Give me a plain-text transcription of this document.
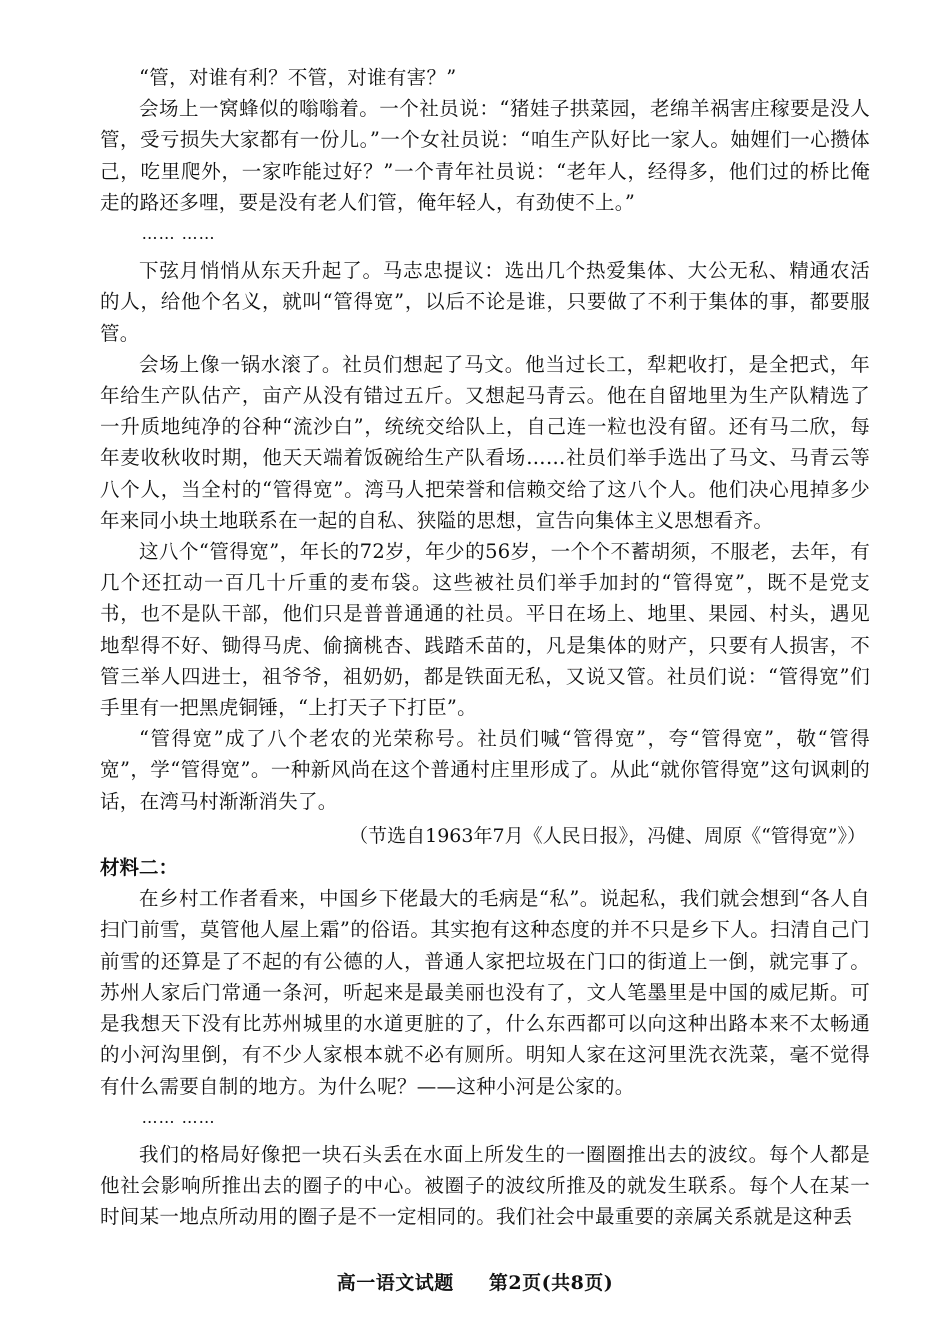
“管，对谁有利？不管，对谁有害？”

会场上一窝蜂似的嗡嗡着。一个社员说：“猪娃子拱菜园，老绵羊祸害庄稼要是没人管，受亏损失大家都有一份儿。”一个女社员说：“咱生产队好比一家人。妯娌们一心攒体己，吃里爬外，一家咋能过好？”一个青年社员说：“老年人，经得多，他们过的桥比俺走的路还多哩，要是没有老人们管，俺年轻人，有劲使不上。”

…… ……

下弦月悄悄从东天升起了。马志忠提议：选出几个热爱集体、大公无私、精通农活的人，给他个名义，就叫“管得宽”，以后不论是谁，只要做了不利于集体的事，都要服管。

会场上像一锅水滚了。社员们想起了马文。他当过长工，犁耙收打，是全把式，年年给生产队估产，亩产从没有错过五斤。又想起马青云。他在自留地里为生产队精选了一升质地纯净的谷种“流沙白”，统统交给队上，自己连一粒也没有留。还有马二欣，每年麦收秋收时期，他天天端着饭碗给生产队看场……社员们举手选出了马文、马青云等八个人，当全村的“管得宽”。湾马人把荣誉和信赖交给了这八个人。他们决心甩掉多少年来同小块土地联系在一起的自私、狭隘的思想，宣告向集体主义思想看齐。

这八个“管得宽”，年长的72岁，年少的56岁，一个个不蓄胡须，不服老，去年，有几个还扛动一百几十斤重的麦布袋。这些被社员们举手加封的“管得宽”，既不是党支书，也不是队干部，他们只是普普通通的社员。平日在场上、地里、果园、村头，遇见地犁得不好、锄得马虎、偷摘桃杏、践踏禾苗的，凡是集体的财产，只要有人损害，不管三举人四进士，祖爷爷，祖奶奶，都是铁面无私，又说又管。社员们说：“管得宽”们手里有一把黑虎铜锤，“上打天子下打臣”。

“管得宽”成了八个老农的光荣称号。社员们喊“管得宽”，夸“管得宽”，敬“管得宽”，学“管得宽”。一种新风尚在这个普通村庄里形成了。从此“就你管得宽”这句讽刺的话，在湾马村渐渐消失了。

（节选自1963年7月《人民日报》，冯健、周原《“管得宽”》）

材料二：

在乡村工作者看来，中国乡下佬最大的毛病是“私”。说起私，我们就会想到“各人自扫门前雪，莫管他人屋上霜”的俗语。其实抱有这种态度的并不只是乡下人。扫清自己门前雪的还算是了不起的有公德的人，普通人家把垃圾在门口的街道上一倒，就完事了。苏州人家后门常通一条河，听起来是最美丽也没有了，文人笔墨里是中国的威尼斯。可是我想天下没有比苏州城里的水道更脏的了，什么东西都可以向这种出路本来不太畅通的小河沟里倒，有不少人家根本就不必有厕所。明知人家在这河里洗衣洗菜，毫不觉得有什么需要自制的地方。为什么呢？——这种小河是公家的。

…… ……

我们的格局好像把一块石头丢在水面上所发生的一圈圈推出去的波纹。每个人都是他社会影响所推出去的圈子的中心。被圈子的波纹所推及的就发生联系。每个人在某一时间某一地点所动用的圈子是不一定相同的。我们社会中最重要的亲属关系就是这种丢

高一语文试题 第2页(共8页)
